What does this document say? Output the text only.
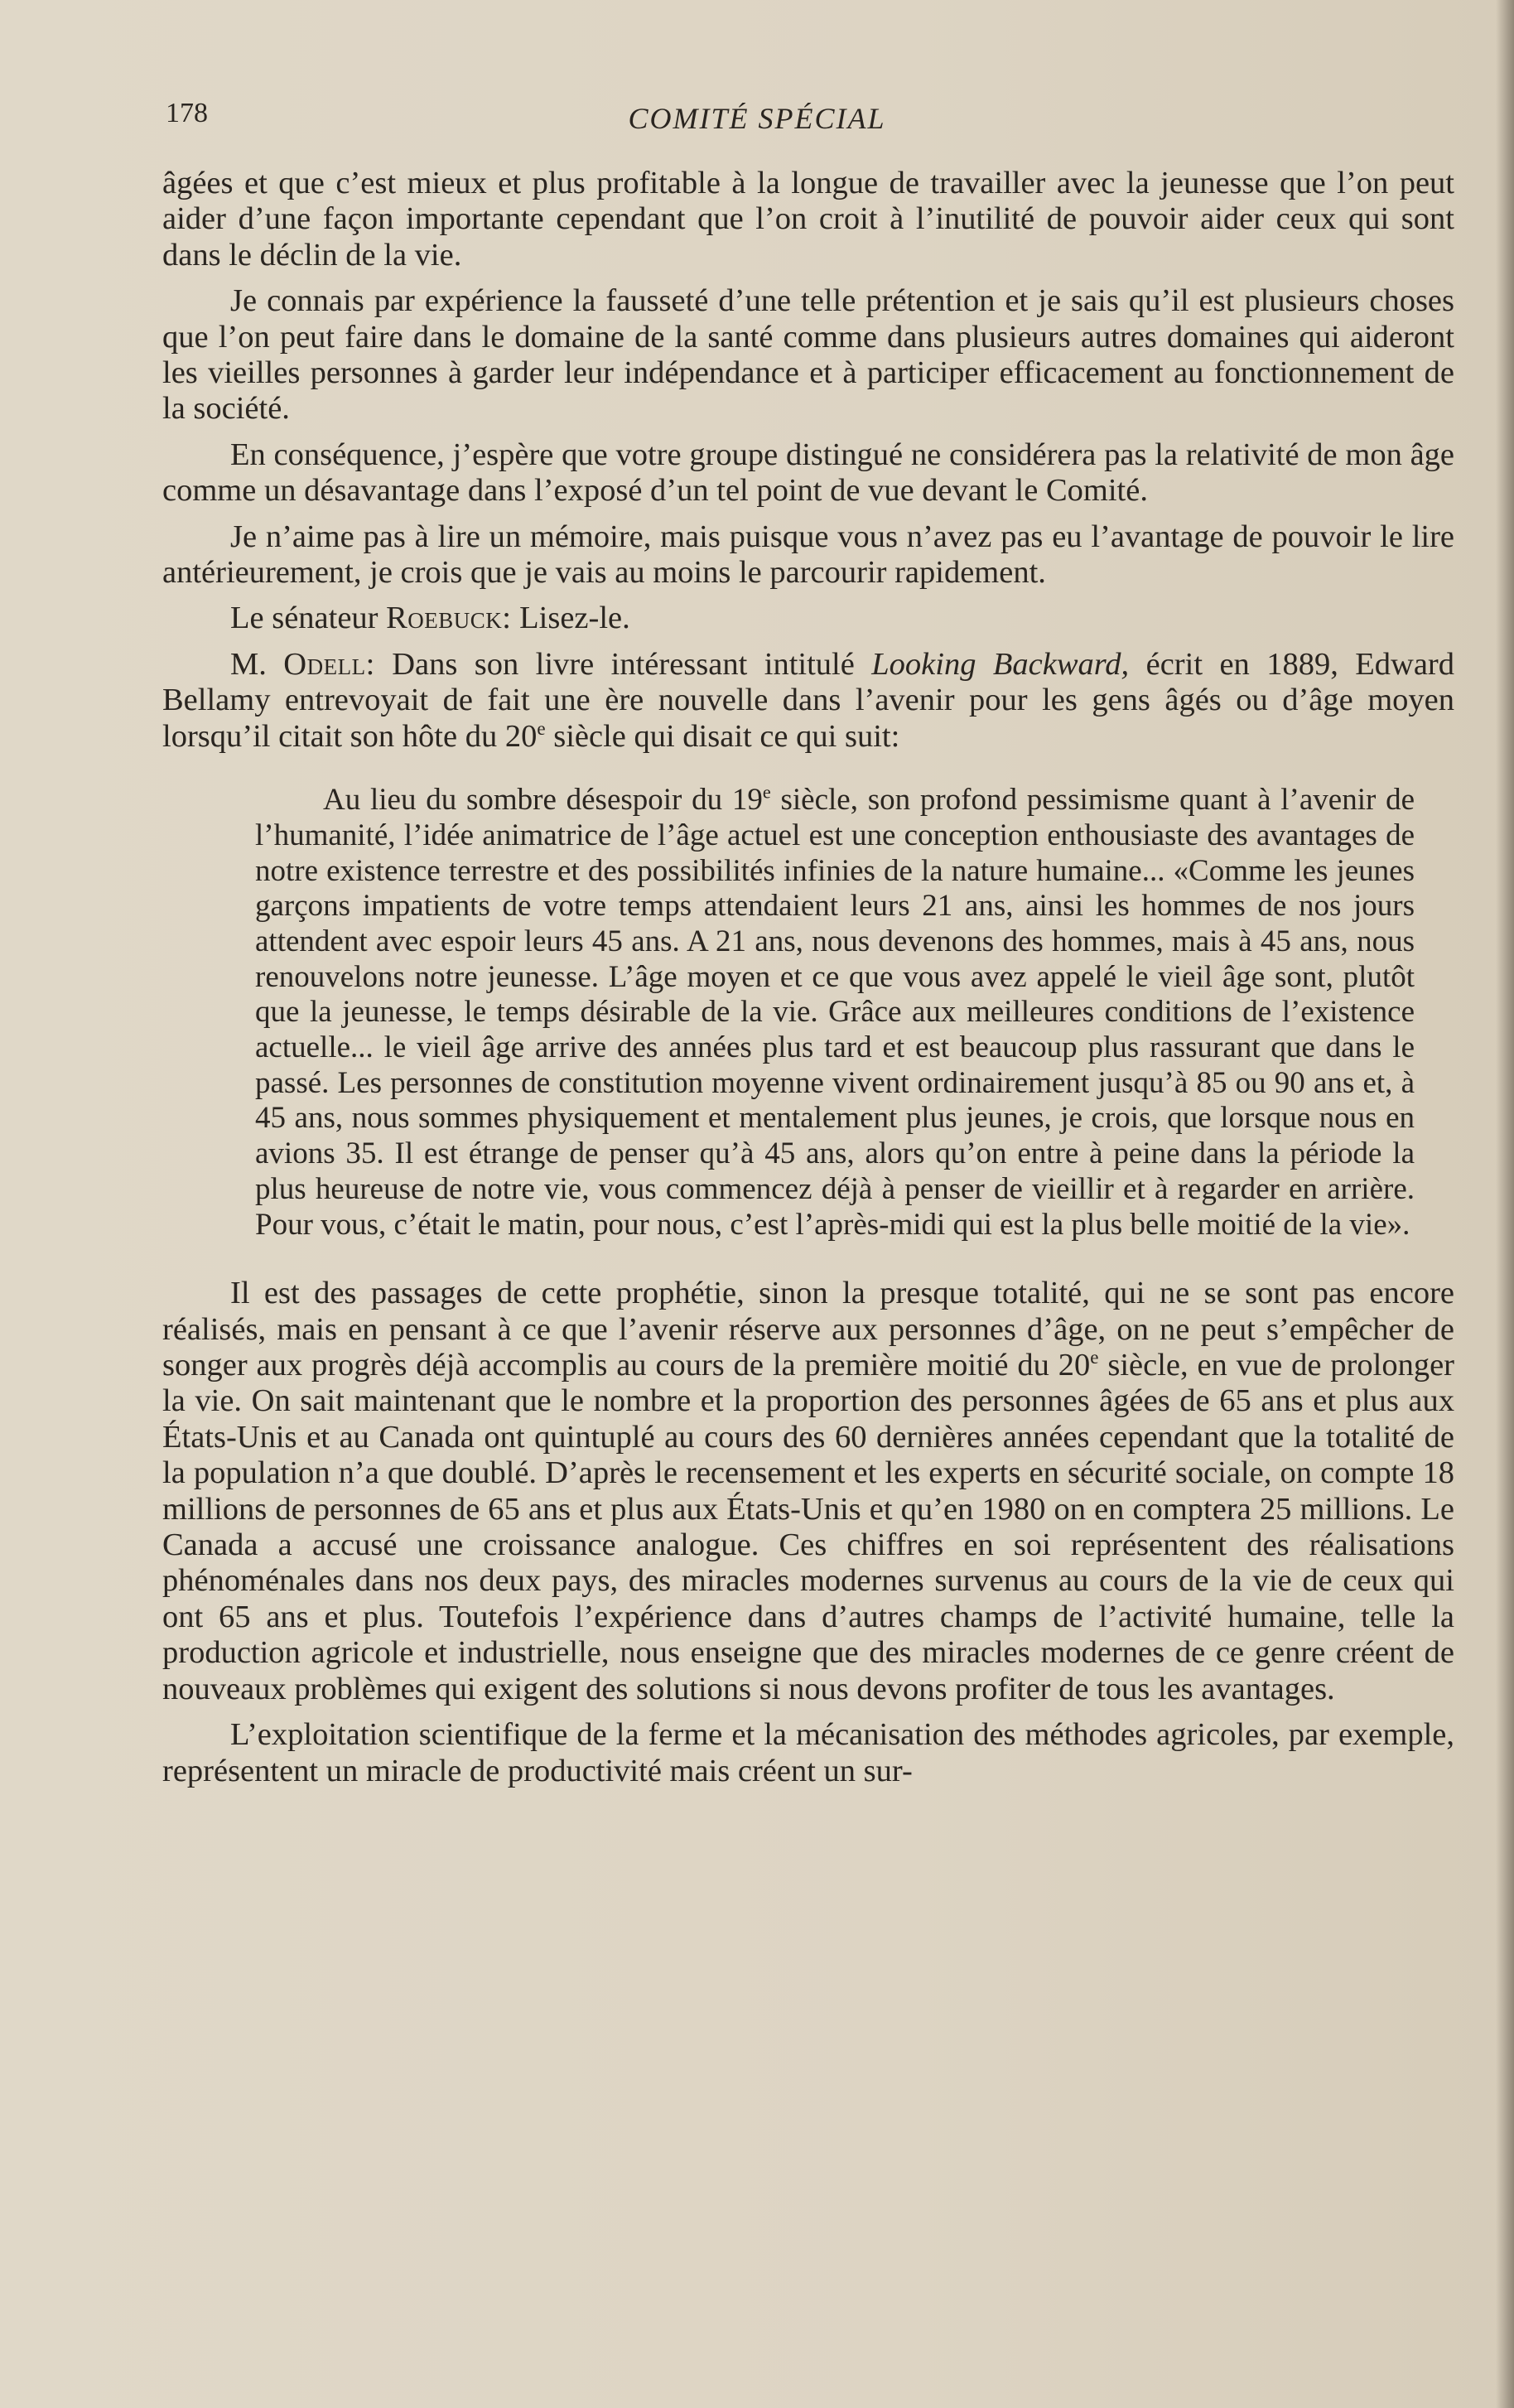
COMITÉ SPÉCIAL
178

âgées et que c’est mieux et plus profitable à la longue de travailler avec la jeunesse que l’on peut aider d’une façon importante cependant que l’on croit à l’inutilité de pouvoir aider ceux qui sont dans le déclin de la vie.

Je connais par expérience la fausseté d’une telle prétention et je sais qu’il est plusieurs choses que l’on peut faire dans le domaine de la santé comme dans plusieurs autres domaines qui aideront les vieilles personnes à garder leur indépendance et à participer efficacement au fonctionnement de la société.

En conséquence, j’espère que votre groupe distingué ne considérera pas la relativité de mon âge comme un désavantage dans l’exposé d’un tel point de vue devant le Comité.

Je n’aime pas à lire un mémoire, mais puisque vous n’avez pas eu l’avantage de pouvoir le lire antérieurement, je crois que je vais au moins le parcourir rapidement.

Le sénateur Roebuck: Lisez-le.

M. Odell: Dans son livre intéressant intitulé Looking Backward, écrit en 1889, Edward Bellamy entrevoyait de fait une ère nouvelle dans l’avenir pour les gens âgés ou d’âge moyen lorsqu’il citait son hôte du 20e siècle qui disait ce qui suit:

Au lieu du sombre désespoir du 19e siècle, son profond pessimisme quant à l’avenir de l’humanité, l’idée animatrice de l’âge actuel est une conception enthousiaste des avantages de notre existence terrestre et des possibilités infinies de la nature humaine... «Comme les jeunes garçons impatients de votre temps attendaient leurs 21 ans, ainsi les hommes de nos jours attendent avec espoir leurs 45 ans. A 21 ans, nous devenons des hommes, mais à 45 ans, nous renouvelons notre jeunesse. L’âge moyen et ce que vous avez appelé le vieil âge sont, plutôt que la jeunesse, le temps désirable de la vie. Grâce aux meilleures conditions de l’existence actuelle... le vieil âge arrive des années plus tard et est beaucoup plus rassurant que dans le passé. Les personnes de constitution moyenne vivent ordinairement jusqu’à 85 ou 90 ans et, à 45 ans, nous sommes physiquement et mentalement plus jeunes, je crois, que lorsque nous en avions 35. Il est étrange de penser qu’à 45 ans, alors qu’on entre à peine dans la période la plus heureuse de notre vie, vous commencez déjà à penser de vieillir et à regarder en arrière. Pour vous, c’était le matin, pour nous, c’est l’après-midi qui est la plus belle moitié de la vie».

Il est des passages de cette prophétie, sinon la presque totalité, qui ne se sont pas encore réalisés, mais en pensant à ce que l’avenir réserve aux personnes d’âge, on ne peut s’empêcher de songer aux progrès déjà accomplis au cours de la première moitié du 20e siècle, en vue de prolonger la vie. On sait maintenant que le nombre et la proportion des personnes âgées de 65 ans et plus aux États-Unis et au Canada ont quintuplé au cours des 60 dernières années cependant que la totalité de la population n’a que doublé. D’après le recensement et les experts en sécurité sociale, on compte 18 millions de personnes de 65 ans et plus aux États-Unis et qu’en 1980 on en comptera 25 millions. Le Canada a accusé une croissance analogue. Ces chiffres en soi représentent des réalisations phénoménales dans nos deux pays, des miracles modernes survenus au cours de la vie de ceux qui ont 65 ans et plus. Toutefois l’expérience dans d’autres champs de l’activité humaine, telle la production agricole et industrielle, nous enseigne que des miracles modernes de ce genre créent de nouveaux problèmes qui exigent des solutions si nous devons profiter de tous les avantages.

L’exploitation scientifique de la ferme et la mécanisation des méthodes agricoles, par exemple, représentent un miracle de productivité mais créent un sur-
